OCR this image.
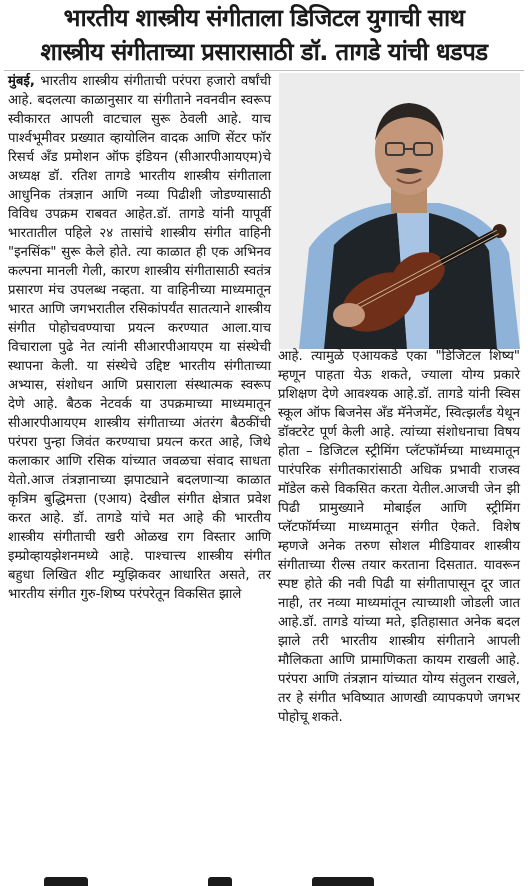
भारतीय शास्त्रीय संगीताला डिजिटल युगाची साथ
शास्त्रीय संगीताच्या प्रसारासाठी डॉ. तागडे यांची धडपड

मुंबई, भारतीय शास्त्रीय संगीताची परंपरा हजारो वर्षांची आहे. बदलत्या काळानुसार या संगीताने नवनवीन स्वरूप स्वीकारत आपली वाटचाल सुरू ठेवली आहे. याच पार्श्वभूमीवर प्रख्यात व्हायोलिन वादक आणि सेंटर फॉर रिसर्च अँड प्रमोशन ऑफ इंडियन (सीआरपीआयएम)चे अध्यक्ष डॉ. रतिश तागडे भारतीय शास्त्रीय संगीताला आधुनिक तंत्रज्ञान आणि नव्या पिढीशी जोडण्यासाठी विविध उपक्रम राबवत आहेत.डॉ. तागडे यांनी यापूर्वी भारतातील पहिले २४ तासांचे शास्त्रीय संगीत वाहिनी "इनसिंक" सुरू केले होते. त्या काळात ही एक अभिनव कल्पना मानली गेली, कारण शास्त्रीय संगीतासाठी स्वतंत्र प्रसारण मंच उपलब्ध नव्हता. या वाहिनीच्या माध्यमातून भारत आणि जगभरातील रसिकांपर्यंत सातत्याने शास्त्रीय संगीत पोहोचवण्याचा प्रयत्न करण्यात आला.याच विचाराला पुढे नेत त्यांनी सीआरपीआयएम या संस्थेची स्थापना केली. या संस्थेचे उद्दिष्ट भारतीय संगीताच्या अभ्यास, संशोधन आणि प्रसाराला संस्थात्मक स्वरूप देणे आहे. बैठक नेटवर्क या उपक्रमाच्या माध्यमातून सीआरपीआयएम शास्त्रीय संगीताच्या अंतरंग बैठकींची परंपरा पुन्हा जिवंत करण्याचा प्रयत्न करत आहे, जिथे कलाकार आणि रसिक यांच्यात जवळचा संवाद साधता येतो.आज तंत्रज्ञानाच्या झपाट्याने बदलणाऱ्या काळात कृत्रिम बुद्धिमत्ता (एआय) देखील संगीत क्षेत्रात प्रवेश करत आहे. डॉ. तागडे यांचे मत आहे की भारतीय शास्त्रीय संगीताची खरी ओळख राग विस्तार आणि इम्प्रोव्हायझेशनमध्ये आहे. पाश्चात्त्य शास्त्रीय संगीत बहुधा लिखित शीट म्युझिकवर आधारित असते, तर भारतीय संगीत गुरु-शिष्य परंपरेतून विकसित झाले

आहे. त्यामुळे एआयकडे एका "डिजिटल शिष्य" म्हणून पाहता येऊ शकते, ज्याला योग्य प्रकारे प्रशिक्षण देणे आवश्यक आहे.डॉ. तागडे यांनी स्विस स्कूल ऑफ बिजनेस अँड मॅनेजमेंट, स्वित्झर्लंड येथून डॉक्टरेट पूर्ण केली आहे. त्यांच्या संशोधनाचा विषय होता – डिजिटल स्ट्रीमिंग प्लॅटफॉर्मच्या माध्यमातून पारंपरिक संगीतकारांसाठी अधिक प्रभावी राजस्व मॉडेल कसे विकसित करता येतील.आजची जेन झी पिढी प्रामुख्याने मोबाईल आणि स्ट्रीमिंग प्लॅटफॉर्मच्या माध्यमातून संगीत ऐकते. विशेष म्हणजे अनेक तरुण सोशल मीडियावर शास्त्रीय संगीताच्या रील्स तयार करताना दिसतात. यावरून स्पष्ट होते की नवी पिढी या संगीतापासून दूर जात नाही, तर नव्या माध्यमांतून त्याच्याशी जोडली जात आहे.डॉ. तागडे यांच्या मते, इतिहासात अनेक बदल झाले तरी भारतीय शास्त्रीय संगीताने आपली मौलिकता आणि प्रामाणिकता कायम राखली आहे. परंपरा आणि तंत्रज्ञान यांच्यात योग्य संतुलन राखले, तर हे संगीत भविष्यात आणखी व्यापकपणे जगभर पोहोचू शकते.
